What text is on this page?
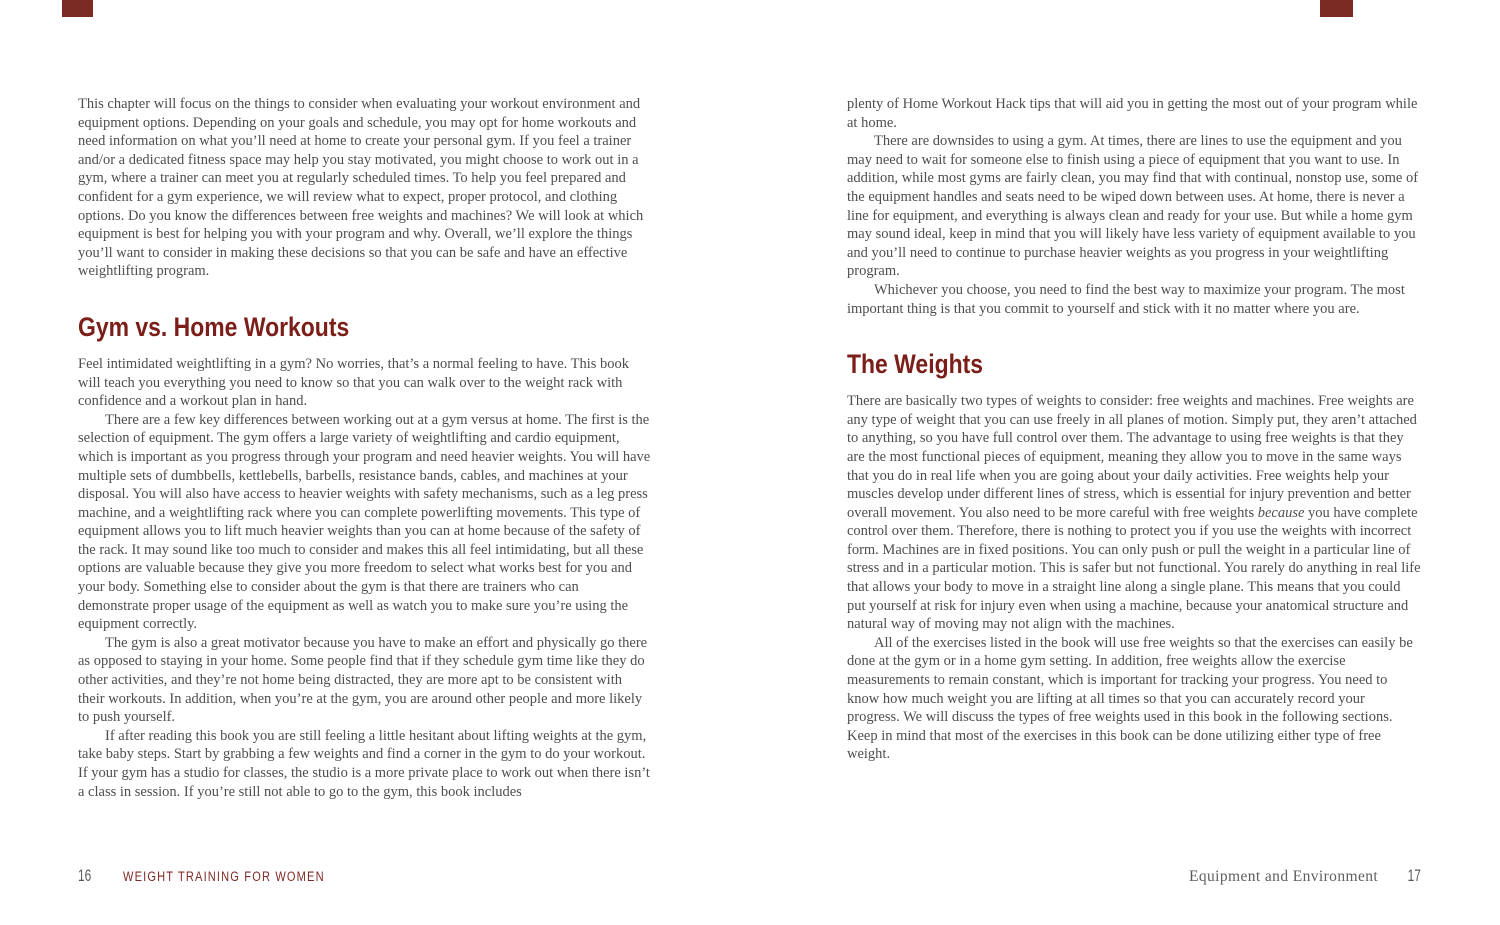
This chapter will focus on the things to consider when evaluating your workout environment and equipment options. Depending on your goals and schedule, you may opt for home workouts and need information on what you’ll need at home to create your personal gym. If you feel a trainer and/or a dedicated fitness space may help you stay motivated, you might choose to work out in a gym, where a trainer can meet you at regularly scheduled times. To help you feel prepared and confident for a gym experience, we will review what to expect, proper protocol, and clothing options. Do you know the differences between free weights and machines? We will look at which equipment is best for helping you with your program and why. Overall, we’ll explore the things you’ll want to consider in making these decisions so that you can be safe and have an effective weightlifting program.

Gym vs. Home Workouts

Feel intimidated weightlifting in a gym? No worries, that’s a normal feeling to have. This book will teach you everything you need to know so that you can walk over to the weight rack with confidence and a workout plan in hand.

There are a few key differences between working out at a gym versus at home. The first is the selection of equipment. The gym offers a large variety of weightlifting and cardio equipment, which is important as you progress through your program and need heavier weights. You will have multiple sets of dumbbells, kettlebells, barbells, resistance bands, cables, and machines at your disposal. You will also have access to heavier weights with safety mechanisms, such as a leg press machine, and a weightlifting rack where you can complete powerlifting movements. This type of equipment allows you to lift much heavier weights than you can at home because of the safety of the rack. It may sound like too much to consider and makes this all feel intimidating, but all these options are valuable because they give you more freedom to select what works best for you and your body. Something else to consider about the gym is that there are trainers who can demonstrate proper usage of the equipment as well as watch you to make sure you’re using the equipment correctly.

The gym is also a great motivator because you have to make an effort and physically go there as opposed to staying in your home. Some people find that if they schedule gym time like they do other activities, and they’re not home being distracted, they are more apt to be consistent with their workouts. In addition, when you’re at the gym, you are around other people and more likely to push yourself.

If after reading this book you are still feeling a little hesitant about lifting weights at the gym, take baby steps. Start by grabbing a few weights and find a corner in the gym to do your workout. If your gym has a studio for classes, the studio is a more private place to work out when there isn’t a class in session. If you’re still not able to go to the gym, this book includes

plenty of Home Workout Hack tips that will aid you in getting the most out of your program while at home.

There are downsides to using a gym. At times, there are lines to use the equipment and you may need to wait for someone else to finish using a piece of equipment that you want to use. In addition, while most gyms are fairly clean, you may find that with continual, nonstop use, some of the equipment handles and seats need to be wiped down between uses. At home, there is never a line for equipment, and everything is always clean and ready for your use. But while a home gym may sound ideal, keep in mind that you will likely have less variety of equipment available to you and you’ll need to continue to purchase heavier weights as you progress in your weightlifting program.

Whichever you choose, you need to find the best way to maximize your program. The most important thing is that you commit to yourself and stick with it no matter where you are.

The Weights

There are basically two types of weights to consider: free weights and machines. Free weights are any type of weight that you can use freely in all planes of motion. Simply put, they aren’t attached to anything, so you have full control over them. The advantage to using free weights is that they are the most functional pieces of equipment, meaning they allow you to move in the same ways that you do in real life when you are going about your daily activities. Free weights help your muscles develop under different lines of stress, which is essential for injury prevention and better overall movement. You also need to be more careful with free weights because you have complete control over them. Therefore, there is nothing to protect you if you use the weights with incorrect form. Machines are in fixed positions. You can only push or pull the weight in a particular line of stress and in a particular motion. This is safer but not functional. You rarely do anything in real life that allows your body to move in a straight line along a single plane. This means that you could put yourself at risk for injury even when using a machine, because your anatomical structure and natural way of moving may not align with the machines.

All of the exercises listed in the book will use free weights so that the exercises can easily be done at the gym or in a home gym setting. In addition, free weights allow the exercise measurements to remain constant, which is important for tracking your progress. You need to know how much weight you are lifting at all times so that you can accurately record your progress. We will discuss the types of free weights used in this book in the following sections. Keep in mind that most of the exercises in this book can be done utilizing either type of free weight.

16 WEIGHT TRAINING FOR WOMEN	Equipment and Environment 17
